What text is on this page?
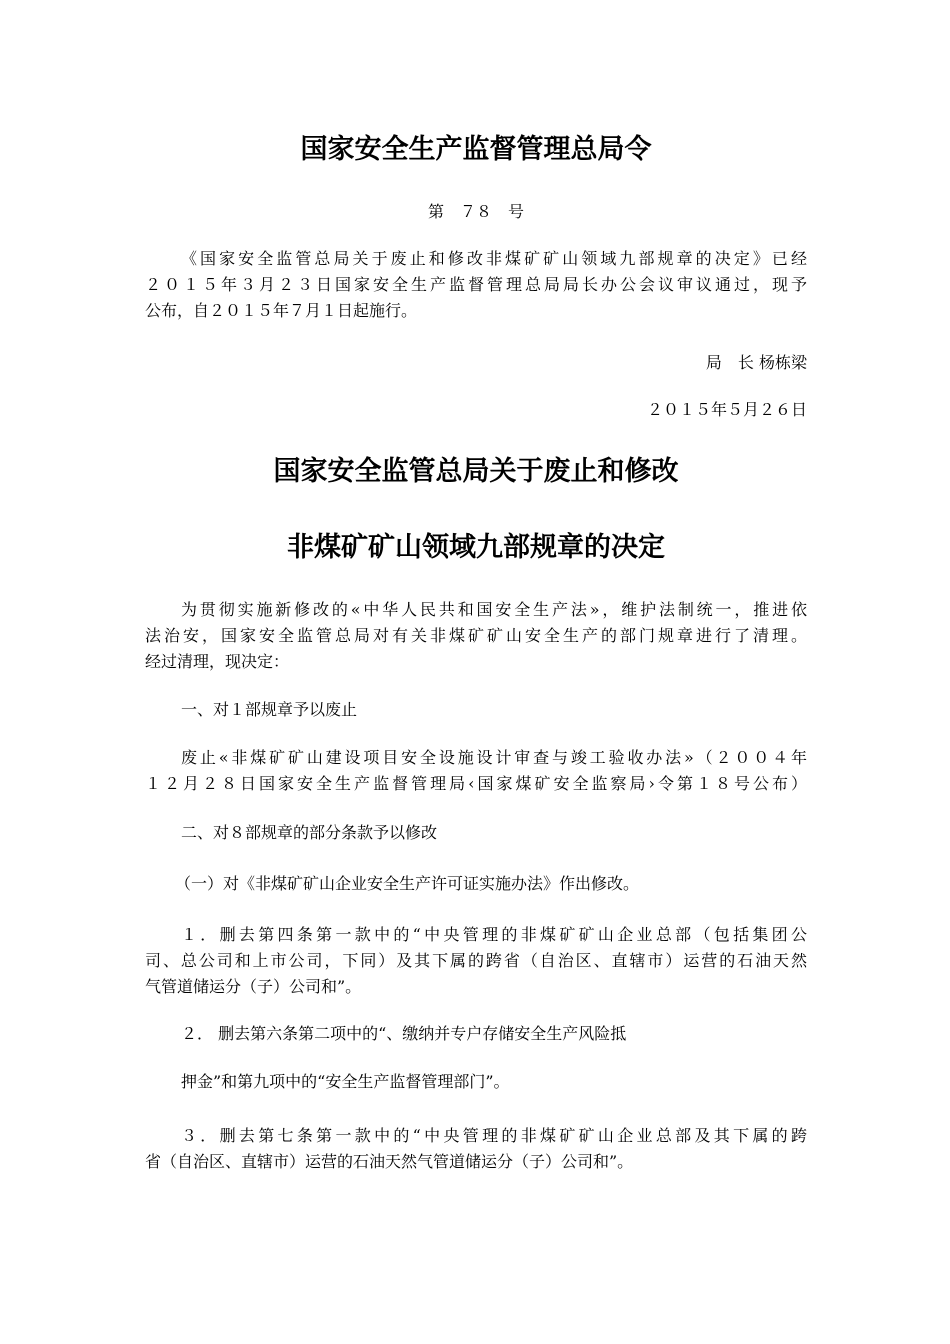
国家安全生产监督管理总局令
第　７８　号
《国家安全监管总局关于废止和修改非煤矿矿山领域九部规章的决定》已经
２０１５年３月２３日国家安全生产监督管理总局局长办公会议审议通过，现予
公布，自２０１５年７月１日起施行。
局　长 杨栋梁
２０１５年５月２６日
国家安全监管总局关于废止和修改
非煤矿矿山领域九部规章的决定
为贯彻实施新修改的«中华人民共和国安全生产法»，维护法制统一，推进依
法治安，国家安全监管总局对有关非煤矿矿山安全生产的部门规章进行了清理。
经过清理，现决定：
一、对１部规章予以废止
废止«非煤矿矿山建设项目安全设施设计审查与竣工验收办法»（２００４年
１２月２８日国家安全生产监督管理局‹国家煤矿安全监察局›令第１８号公布）
二、对８部规章的部分条款予以修改
（一）对《非煤矿矿山企业安全生产许可证实施办法》作出修改。
１．删去第四条第一款中的“中央管理的非煤矿矿山企业总部（包括集团公
司、总公司和上市公司，下同）及其下属的跨省（自治区、直辖市）运营的石油天然
气管道储运分（子）公司和”。
２． 删去第六条第二项中的“、缴纳并专户存储安全生产风险抵
押金”和第九项中的“安全生产监督管理部门”。
３．删去第七条第一款中的“中央管理的非煤矿矿山企业总部及其下属的跨
省（自治区、直辖市）运营的石油天然气管道储运分（子）公司和”。
